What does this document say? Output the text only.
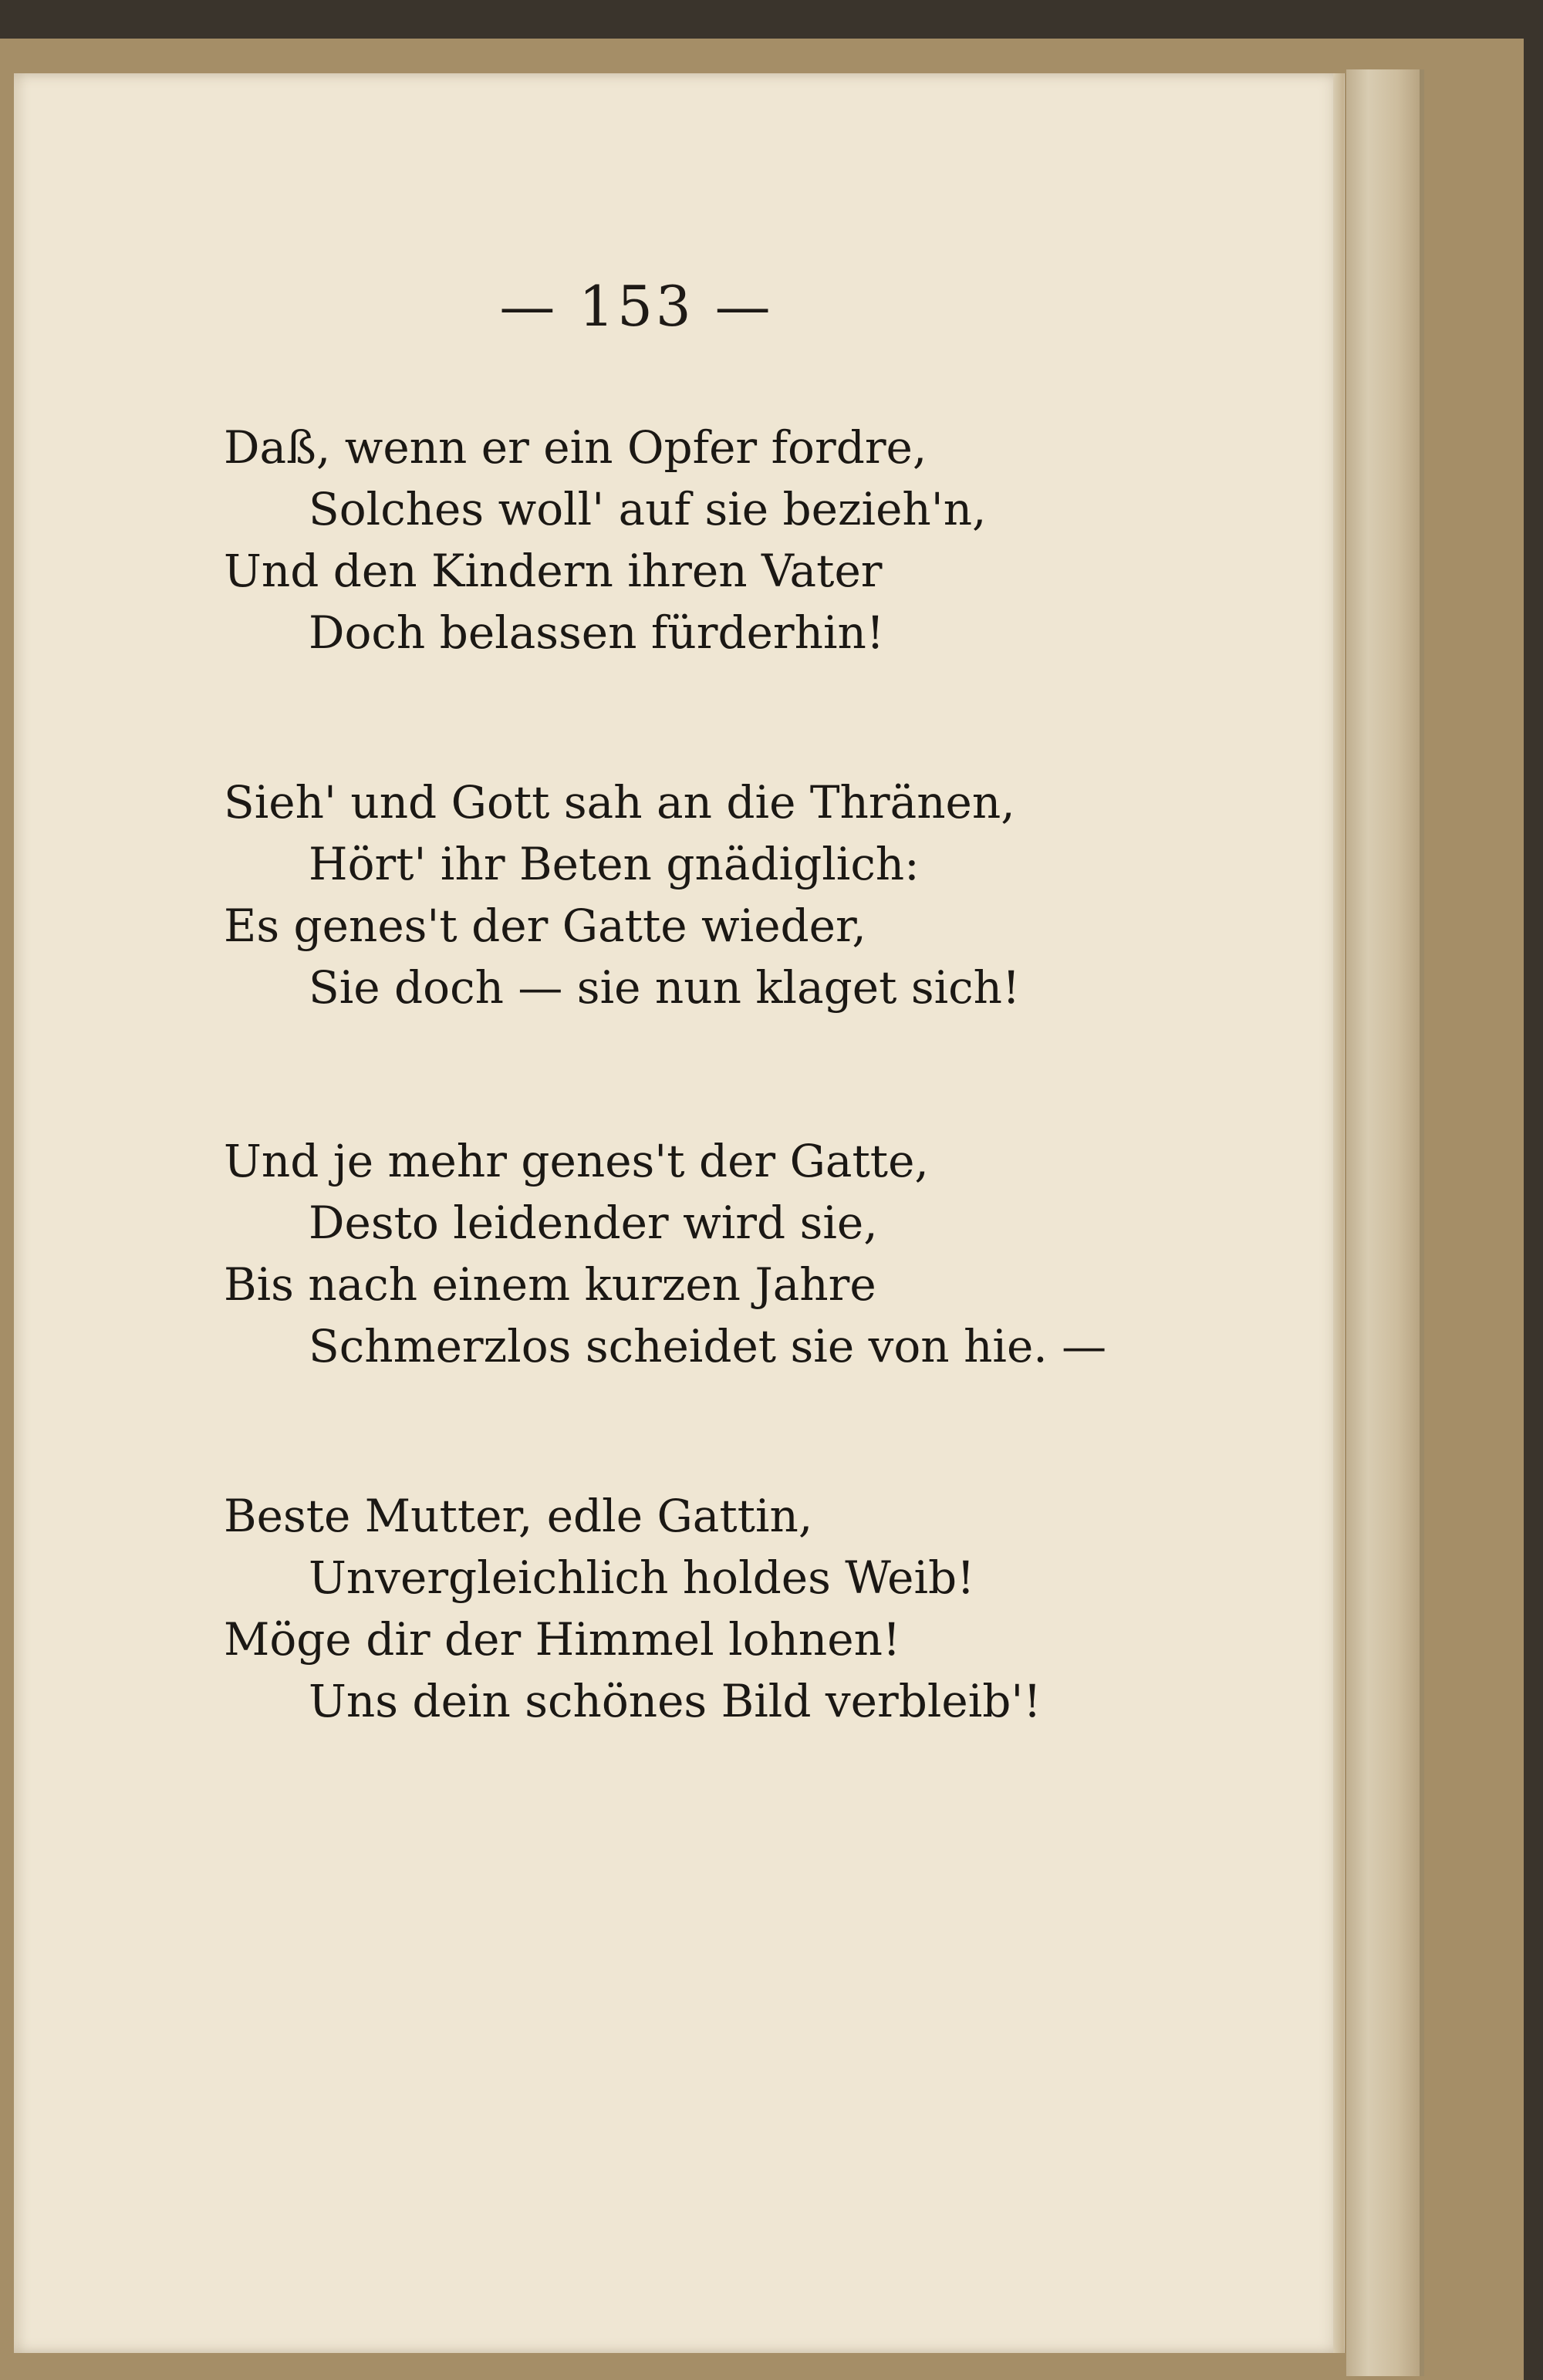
— 153 —
Daß, wenn er ein Opfer fordre,
Solches woll' auf sie bezieh'n,
Und den Kindern ihren Vater
Doch belassen fürderhin!
Sieh' und Gott sah an die Thränen,
Hört' ihr Beten gnädiglich:
Es genes't der Gatte wieder,
Sie doch — sie nun klaget sich!
Und je mehr genes't der Gatte,
Desto leidender wird sie,
Bis nach einem kurzen Jahre
Schmerzlos scheidet sie von hie. —
Beste Mutter, edle Gattin,
Unvergleichlich holdes Weib!
Möge dir der Himmel lohnen!
Uns dein schönes Bild verbleib'!
